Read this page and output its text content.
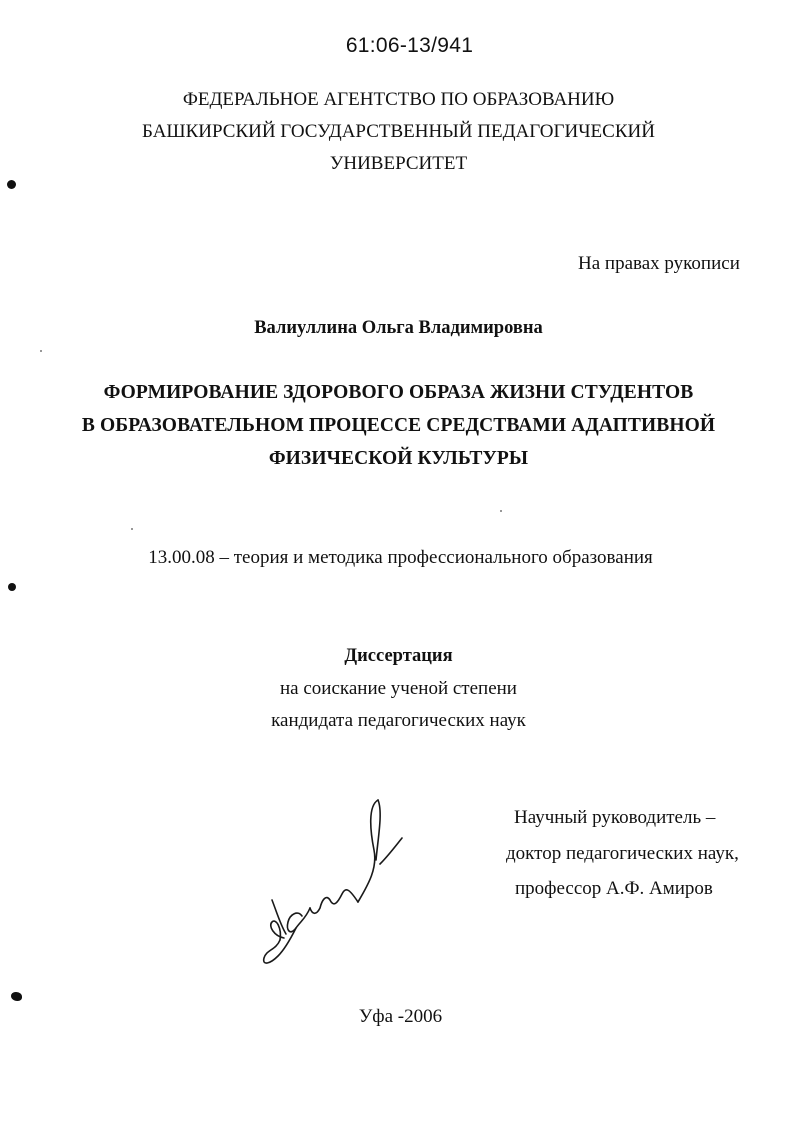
61:06-13/941
ФЕДЕРАЛЬНОЕ АГЕНТСТВО ПО ОБРАЗОВАНИЮ
БАШКИРСКИЙ ГОСУДАРСТВЕННЫЙ ПЕДАГОГИЧЕСКИЙ
УНИВЕРСИТЕТ
На правах рукописи
Валиуллина Ольга Владимировна
ФОРМИРОВАНИЕ ЗДОРОВОГО ОБРАЗА ЖИЗНИ СТУДЕНТОВ
В ОБРАЗОВАТЕЛЬНОМ ПРОЦЕССЕ СРЕДСТВАМИ АДАПТИВНОЙ
ФИЗИЧЕСКОЙ КУЛЬТУРЫ
13.00.08 – теория и методика профессионального образования
Диссертация
на соискание ученой степени
кандидата педагогических наук
Научный руководитель –
доктор педагогических наук,
профессор А.Ф. Амиров
Уфа -2006
